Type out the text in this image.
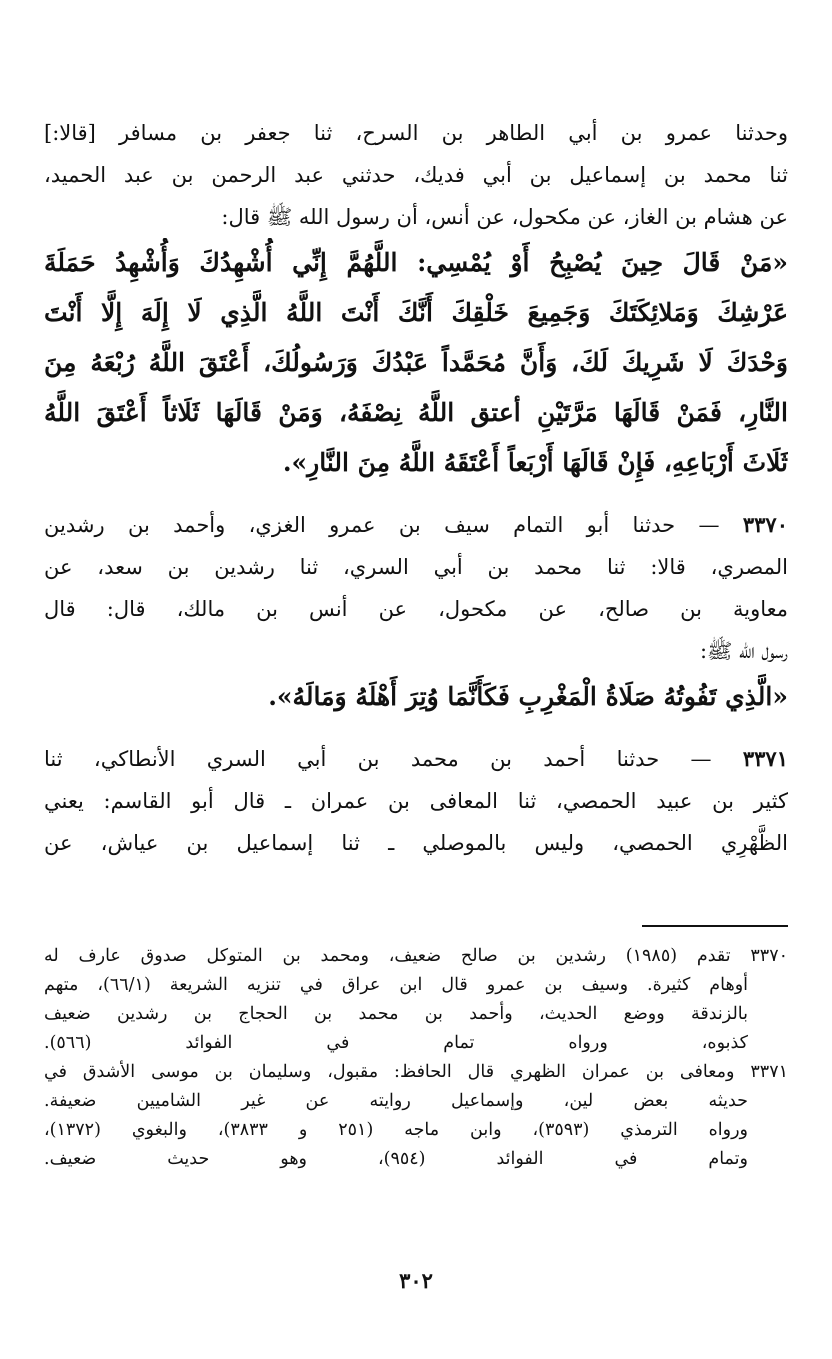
وحدثنا عمرو بن أبي الطاهر بن السرح، ثنا جعفر بن مسافر [قالا:]
ثنا محمد بن إسماعيل بن أبي فديك، حدثني عبد الرحمن بن عبد الحميد،
عن هشام بن الغاز، عن مكحول، عن أنس، أن رسول الله ﷺ قال:
«مَنْ قَالَ حِينَ يُصْبِحُ أَوْ يُمْسِي: اللَّهُمَّ إِنِّي أُشْهِدُكَ وَأُشْهِدُ حَمَلَةَ
عَرْشِكَ وَمَلائِكَتَكَ وَجَمِيعَ خَلْقِكَ أَنَّكَ أَنْتَ اللَّهُ الَّذِي لَا إِلَهَ إِلَّا أَنْتَ
وَحْدَكَ لَا شَرِيكَ لَكَ، وَأَنَّ مُحَمَّداً عَبْدُكَ وَرَسُولُكَ، أَعْتَقَ اللَّهُ رُبْعَهُ مِنَ
النَّارِ، فَمَنْ قَالَهَا مَرَّتَيْنِ أعتق اللَّهُ نِصْفَهُ، وَمَنْ قَالَهَا ثَلَاثاً أَعْتَقَ اللَّهُ
ثَلَاثَ أَرْبَاعِهِ، فَإِنْ قَالَهَا أَرْبَعاً أَعْتَقَهُ اللَّهُ مِنَ النَّارِ».
٣٣٧٠ — حدثنا أبو التمام سيف بن عمرو الغزي، وأحمد بن رشدين
المصري، قالا: ثنا محمد بن أبي السري، ثنا رشدين بن سعد، عن
معاوية بن صالح، عن مكحول، عن أنس بن مالك، قال: قال
رسول الله ﷺ:
«الَّذِي تَفُوتُهُ صَلَاةُ الْمَغْرِبِ فَكَأَنَّمَا وُتِرَ أَهْلَهُ وَمَالَهُ».
٣٣٧١ — حدثنا أحمد بن محمد بن أبي السري الأنطاكي، ثنا
كثير بن عبيد الحمصي، ثنا المعافى بن عمران ـ قال أبو القاسم: يعني
الظَّهْرِي الحمصي، وليس بالموصلي ـ ثنا إسماعيل بن عياش، عن
٣٣٧٠ تقدم (١٩٨٥) رشدين بن صالح ضعيف، ومحمد بن المتوكل صدوق عارف له
أوهام كثيرة. وسيف بن عمرو قال ابن عراق في تنزيه الشريعة (٦٦/١)، متهم
بالزندقة ووضع الحديث، وأحمد بن محمد بن الحجاج بن رشدين ضعيف
كذبوه، ورواه تمام في الفوائد (٥٦٦).
٣٣٧١ ومعافى بن عمران الظهري قال الحافظ: مقبول، وسليمان بن موسى الأشدق في
حديثه بعض لين، وإسماعيل روايته عن غير الشاميين ضعيفة.
ورواه الترمذي (٣٥٩٣)، وابن ماجه (٢٥١ و ٣٨٣٣)، والبغوي (١٣٧٢)،
وتمام في الفوائد (٩٥٤)، وهو حديث ضعيف.
٣٠٢
